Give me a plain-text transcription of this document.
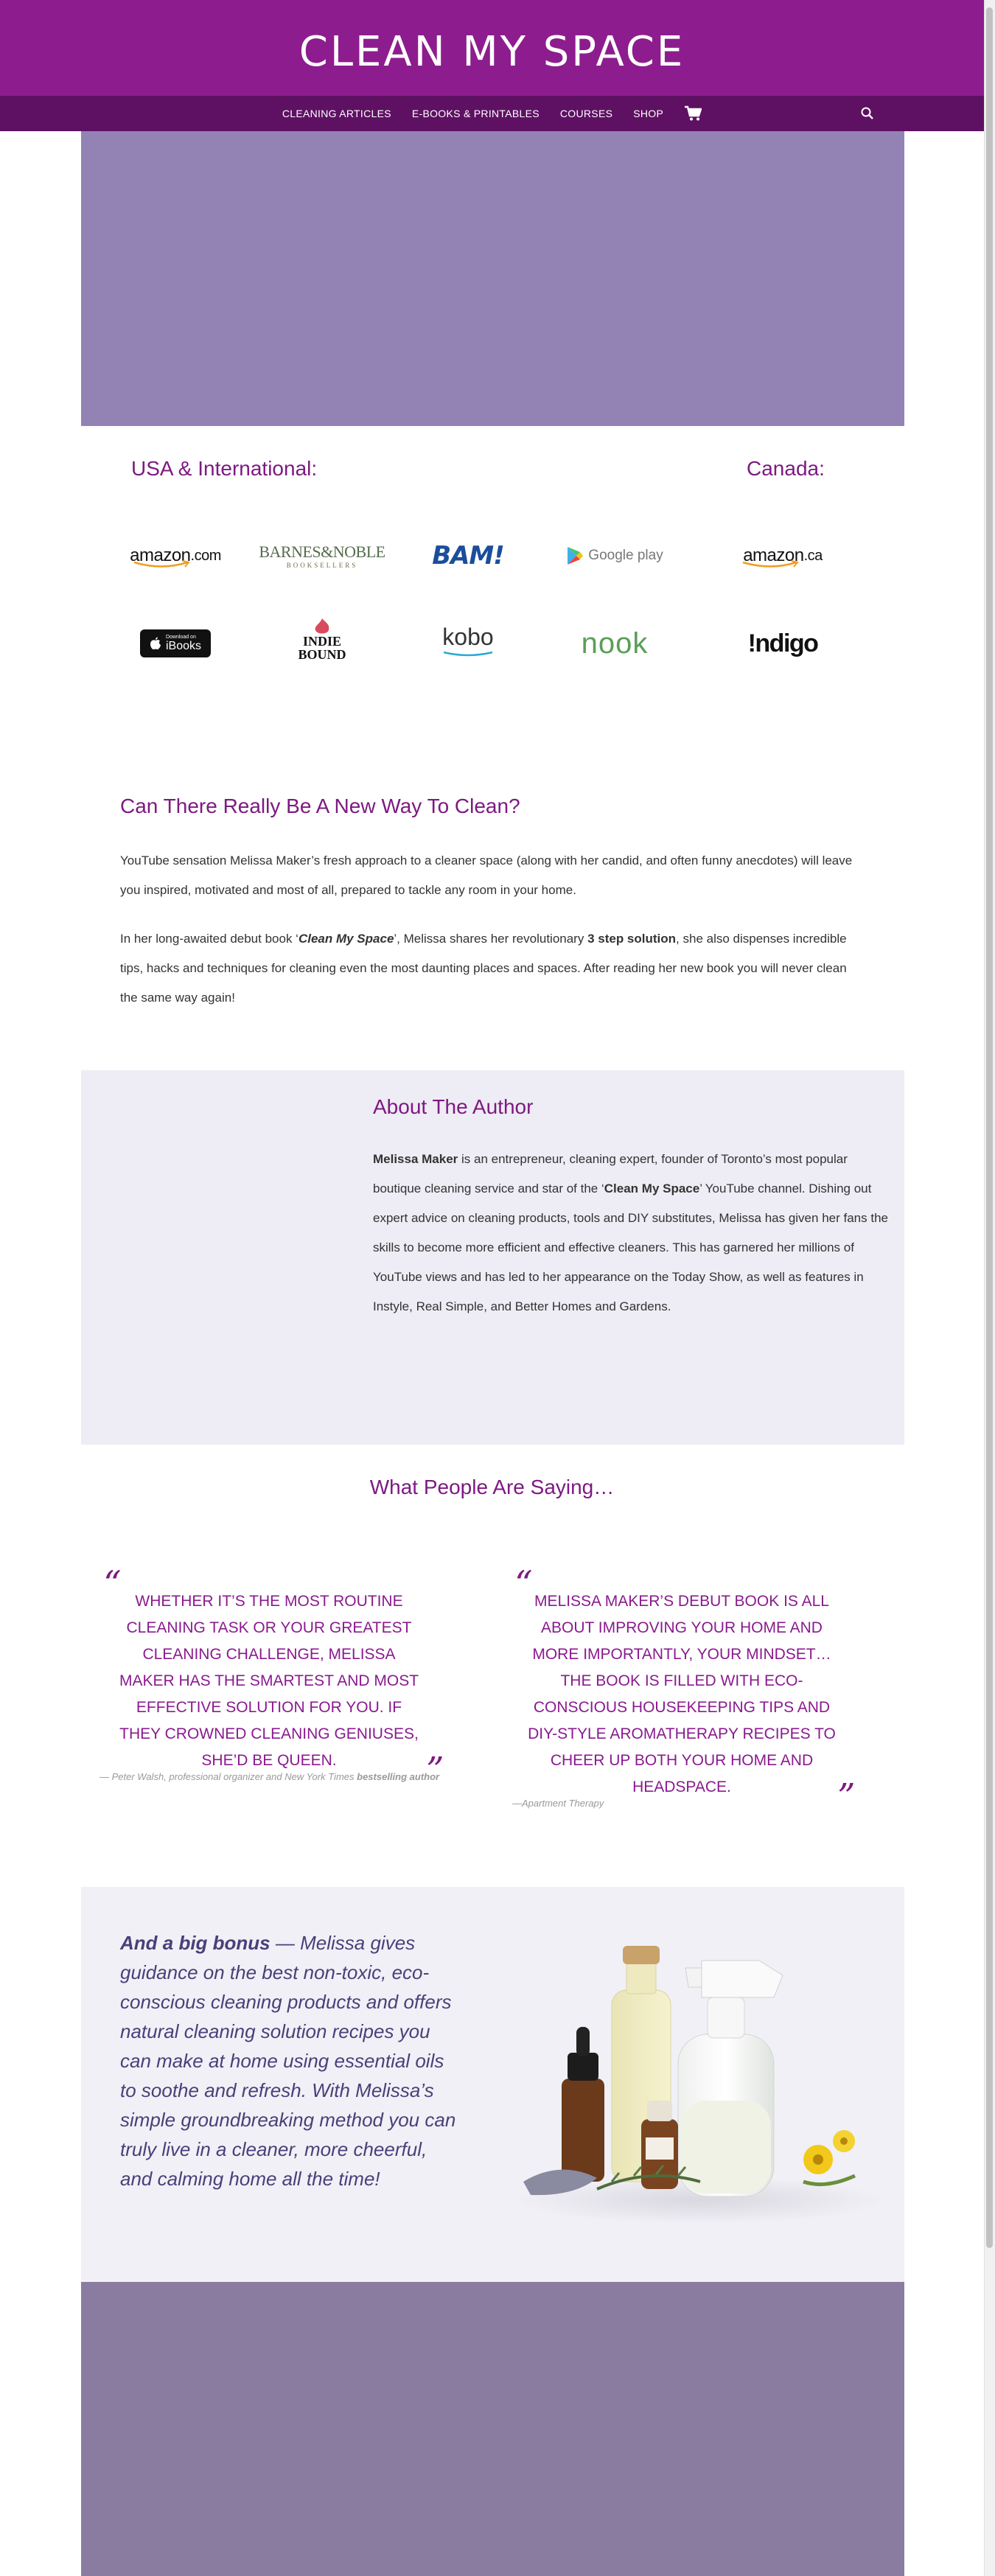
CLEAN MY SPACE
CLEANING ARTICLES E-BOOKS & PRINTABLES COURSES SHOP
USA & International:	Canada:
amazon .com BARNES&NOBLE
BOOKSELLERS	BAM!	Google play	amazon .ca
Download on
iBooks	INDIE
BOUND
kobo	nook	!ndigo
Can There Really Be A New Way To Clean?
YouTube sensation Melissa Maker’s fresh approach to a cleaner space (along with her candid, and often funny anecdotes) will leave you inspired, motivated and most of all, prepared to tackle any room in your home.
In her long-awaited debut book ‘Clean My Space’, Melissa shares her revolutionary 3 step solution, she also dispenses incredible tips, hacks and techniques for cleaning even the most daunting places and spaces. After reading her new book you will never clean the same way again!
About The Author
Melissa Maker is an entrepreneur, cleaning expert, founder of Toronto’s most popular boutique cleaning service and star of the ‘Clean My Space’ YouTube channel. Dishing out expert advice on cleaning products, tools and DIY substitutes, Melissa has given her fans the skills to become more efficient and effective cleaners. This has garnered her millions of YouTube views and has led to her appearance on the Today Show, as well as features in Instyle, Real Simple, and Better Homes and Gardens.
What People Are Saying…
“ WHETHER IT’S THE MOST ROUTINE CLEANING TASK OR YOUR GREATEST CLEANING CHALLENGE, MELISSA MAKER HAS THE SMARTEST AND MOST EFFECTIVE SOLUTION FOR YOU. IF THEY CROWNED CLEANING GENIUSES, SHE’D BE QUEEN.	”
— Peter Walsh, professional organizer and New York Times bestselling author
“ MELISSA MAKER’S DEBUT BOOK IS ALL ABOUT IMPROVING YOUR HOME AND MORE IMPORTANTLY, YOUR MINDSET… THE BOOK IS FILLED WITH ECO-CONSCIOUS HOUSEKEEPING TIPS AND DIY-STYLE AROMATHERAPY RECIPES TO CHEER UP BOTH YOUR HOME AND HEADSPACE.	”
—Apartment Therapy
And a big bonus — Melissa gives guidance on the best non-toxic, eco-conscious cleaning products and offers natural cleaning solution recipes you can make at home using essential oils to soothe and refresh. With Melissa’s simple groundbreaking method you can truly live in a cleaner, more cheerful, and calming home all the time!
